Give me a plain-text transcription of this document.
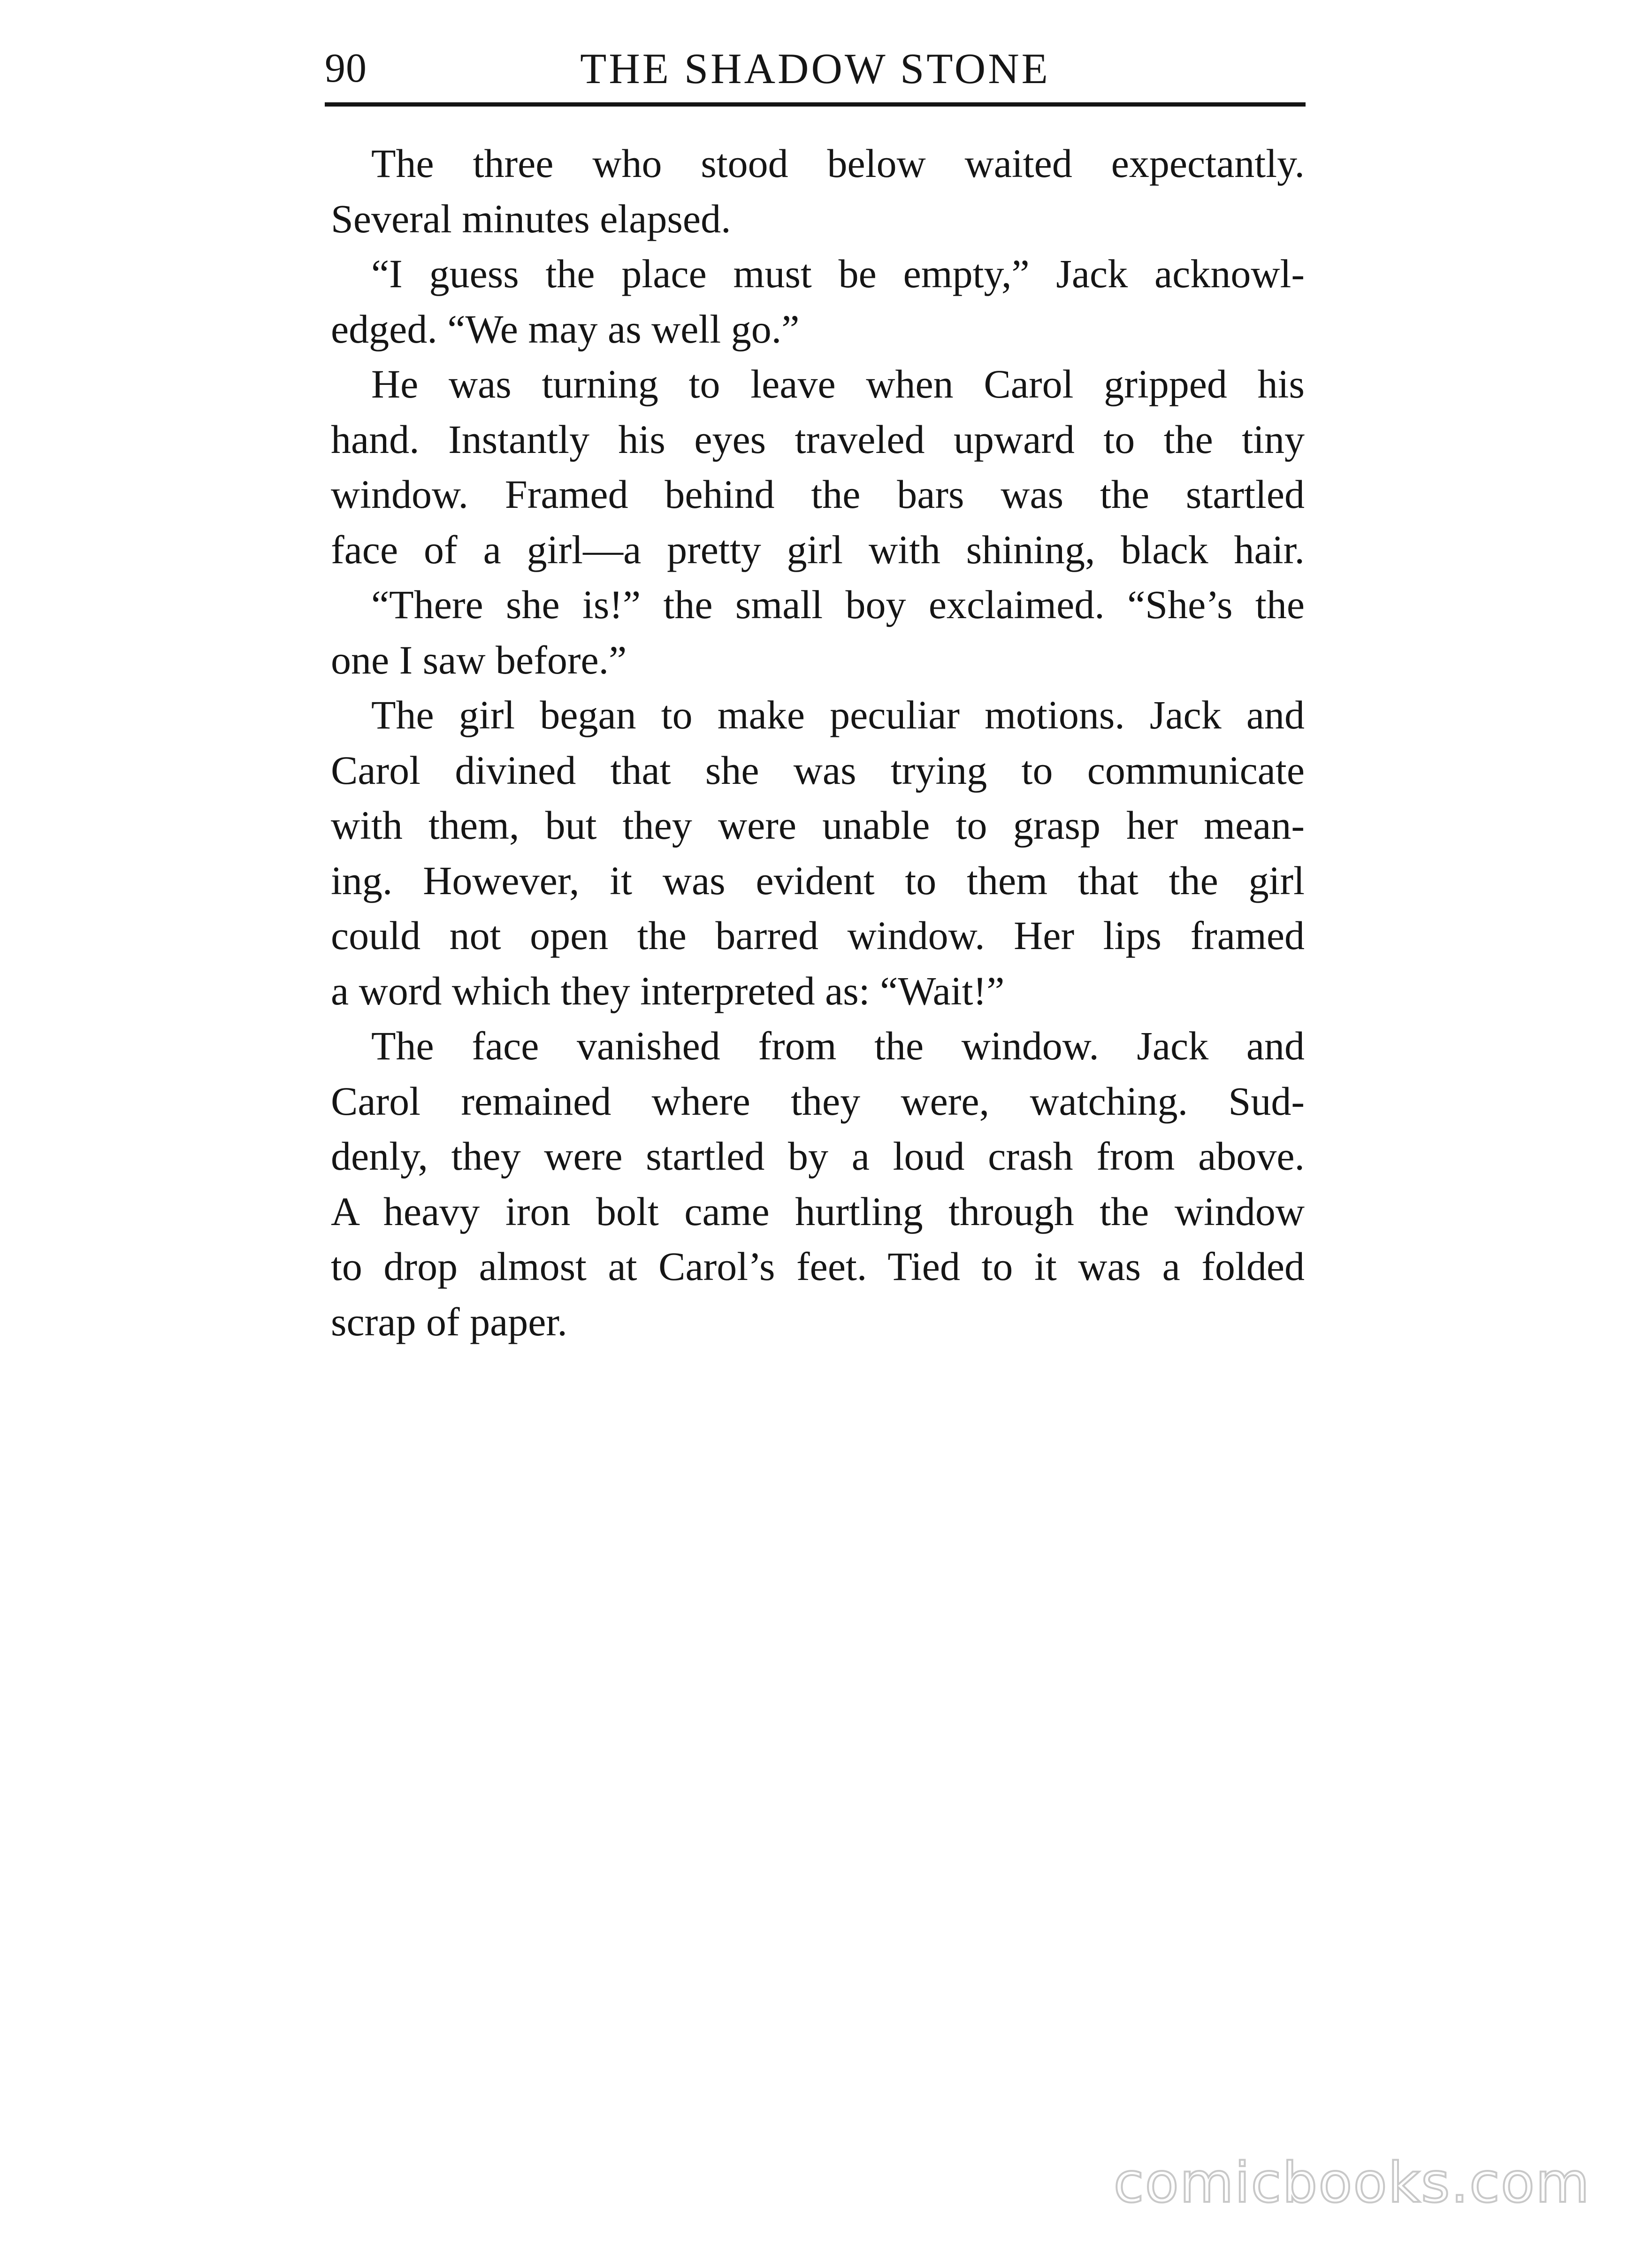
90	THE SHADOW STONE
The three who stood below waited expectantly.
Several minutes elapsed.
“I guess the place must be empty,” Jack acknowl-
edged. “We may as well go.”
He was turning to leave when Carol gripped his
hand. Instantly his eyes traveled upward to the tiny
window. Framed behind the bars was the startled
face of a girl—a pretty girl with shining, black hair.
“There she is!” the small boy exclaimed. “She’s the
one I saw before.”
The girl began to make peculiar motions. Jack and
Carol divined that she was trying to communicate
with them, but they were unable to grasp her mean-
ing. However, it was evident to them that the girl
could not open the barred window. Her lips framed
a word which they interpreted as: “Wait!”
The face vanished from the window. Jack and
Carol remained where they were, watching. Sud-
denly, they were startled by a loud crash from above.
A heavy iron bolt came hurtling through the window
to drop almost at Carol’s feet. Tied to it was a folded
scrap of paper.
comicbooks.com
